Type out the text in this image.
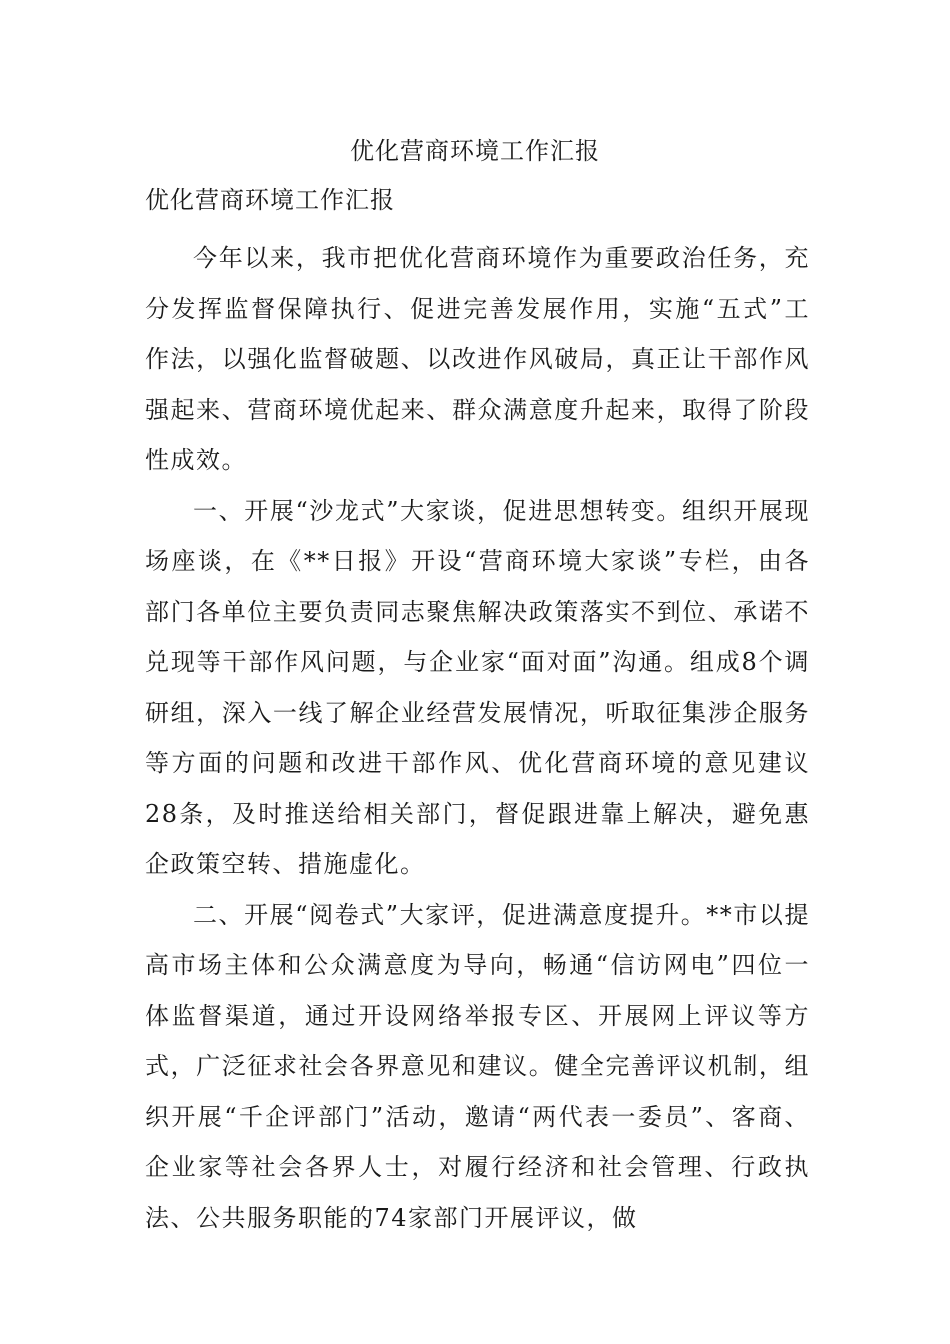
优化营商环境工作汇报
优化营商环境工作汇报

今年以来，我市把优化营商环境作为重要政治任务，充分发挥监督保障执行、促进完善发展作用，实施“五式”工作法，以强化监督破题、以改进作风破局，真正让干部作风强起来、营商环境优起来、群众满意度升起来，取得了阶段性成效。

一、开展“沙龙式”大家谈，促进思想转变。组织开展现场座谈，在《**日报》开设“营商环境大家谈”专栏，由各部门各单位主要负责同志聚焦解决政策落实不到位、承诺不兑现等干部作风问题，与企业家“面对面”沟通。组成8个调研组，深入一线了解企业经营发展情况，听取征集涉企服务等方面的问题和改进干部作风、优化营商环境的意见建议28条，及时推送给相关部门，督促跟进靠上解决，避免惠企政策空转、措施虚化。

二、开展“阅卷式”大家评，促进满意度提升。**市以提高市场主体和公众满意度为导向，畅通“信访网电”四位一体监督渠道，通过开设网络举报专区、开展网上评议等方式，广泛征求社会各界意见和建议。健全完善评议机制，组织开展“千企评部门”活动，邀请“两代表一委员”、客商、企业家等社会各界人士，对履行经济和社会管理、行政执法、公共服务职能的74家部门开展评议，做
